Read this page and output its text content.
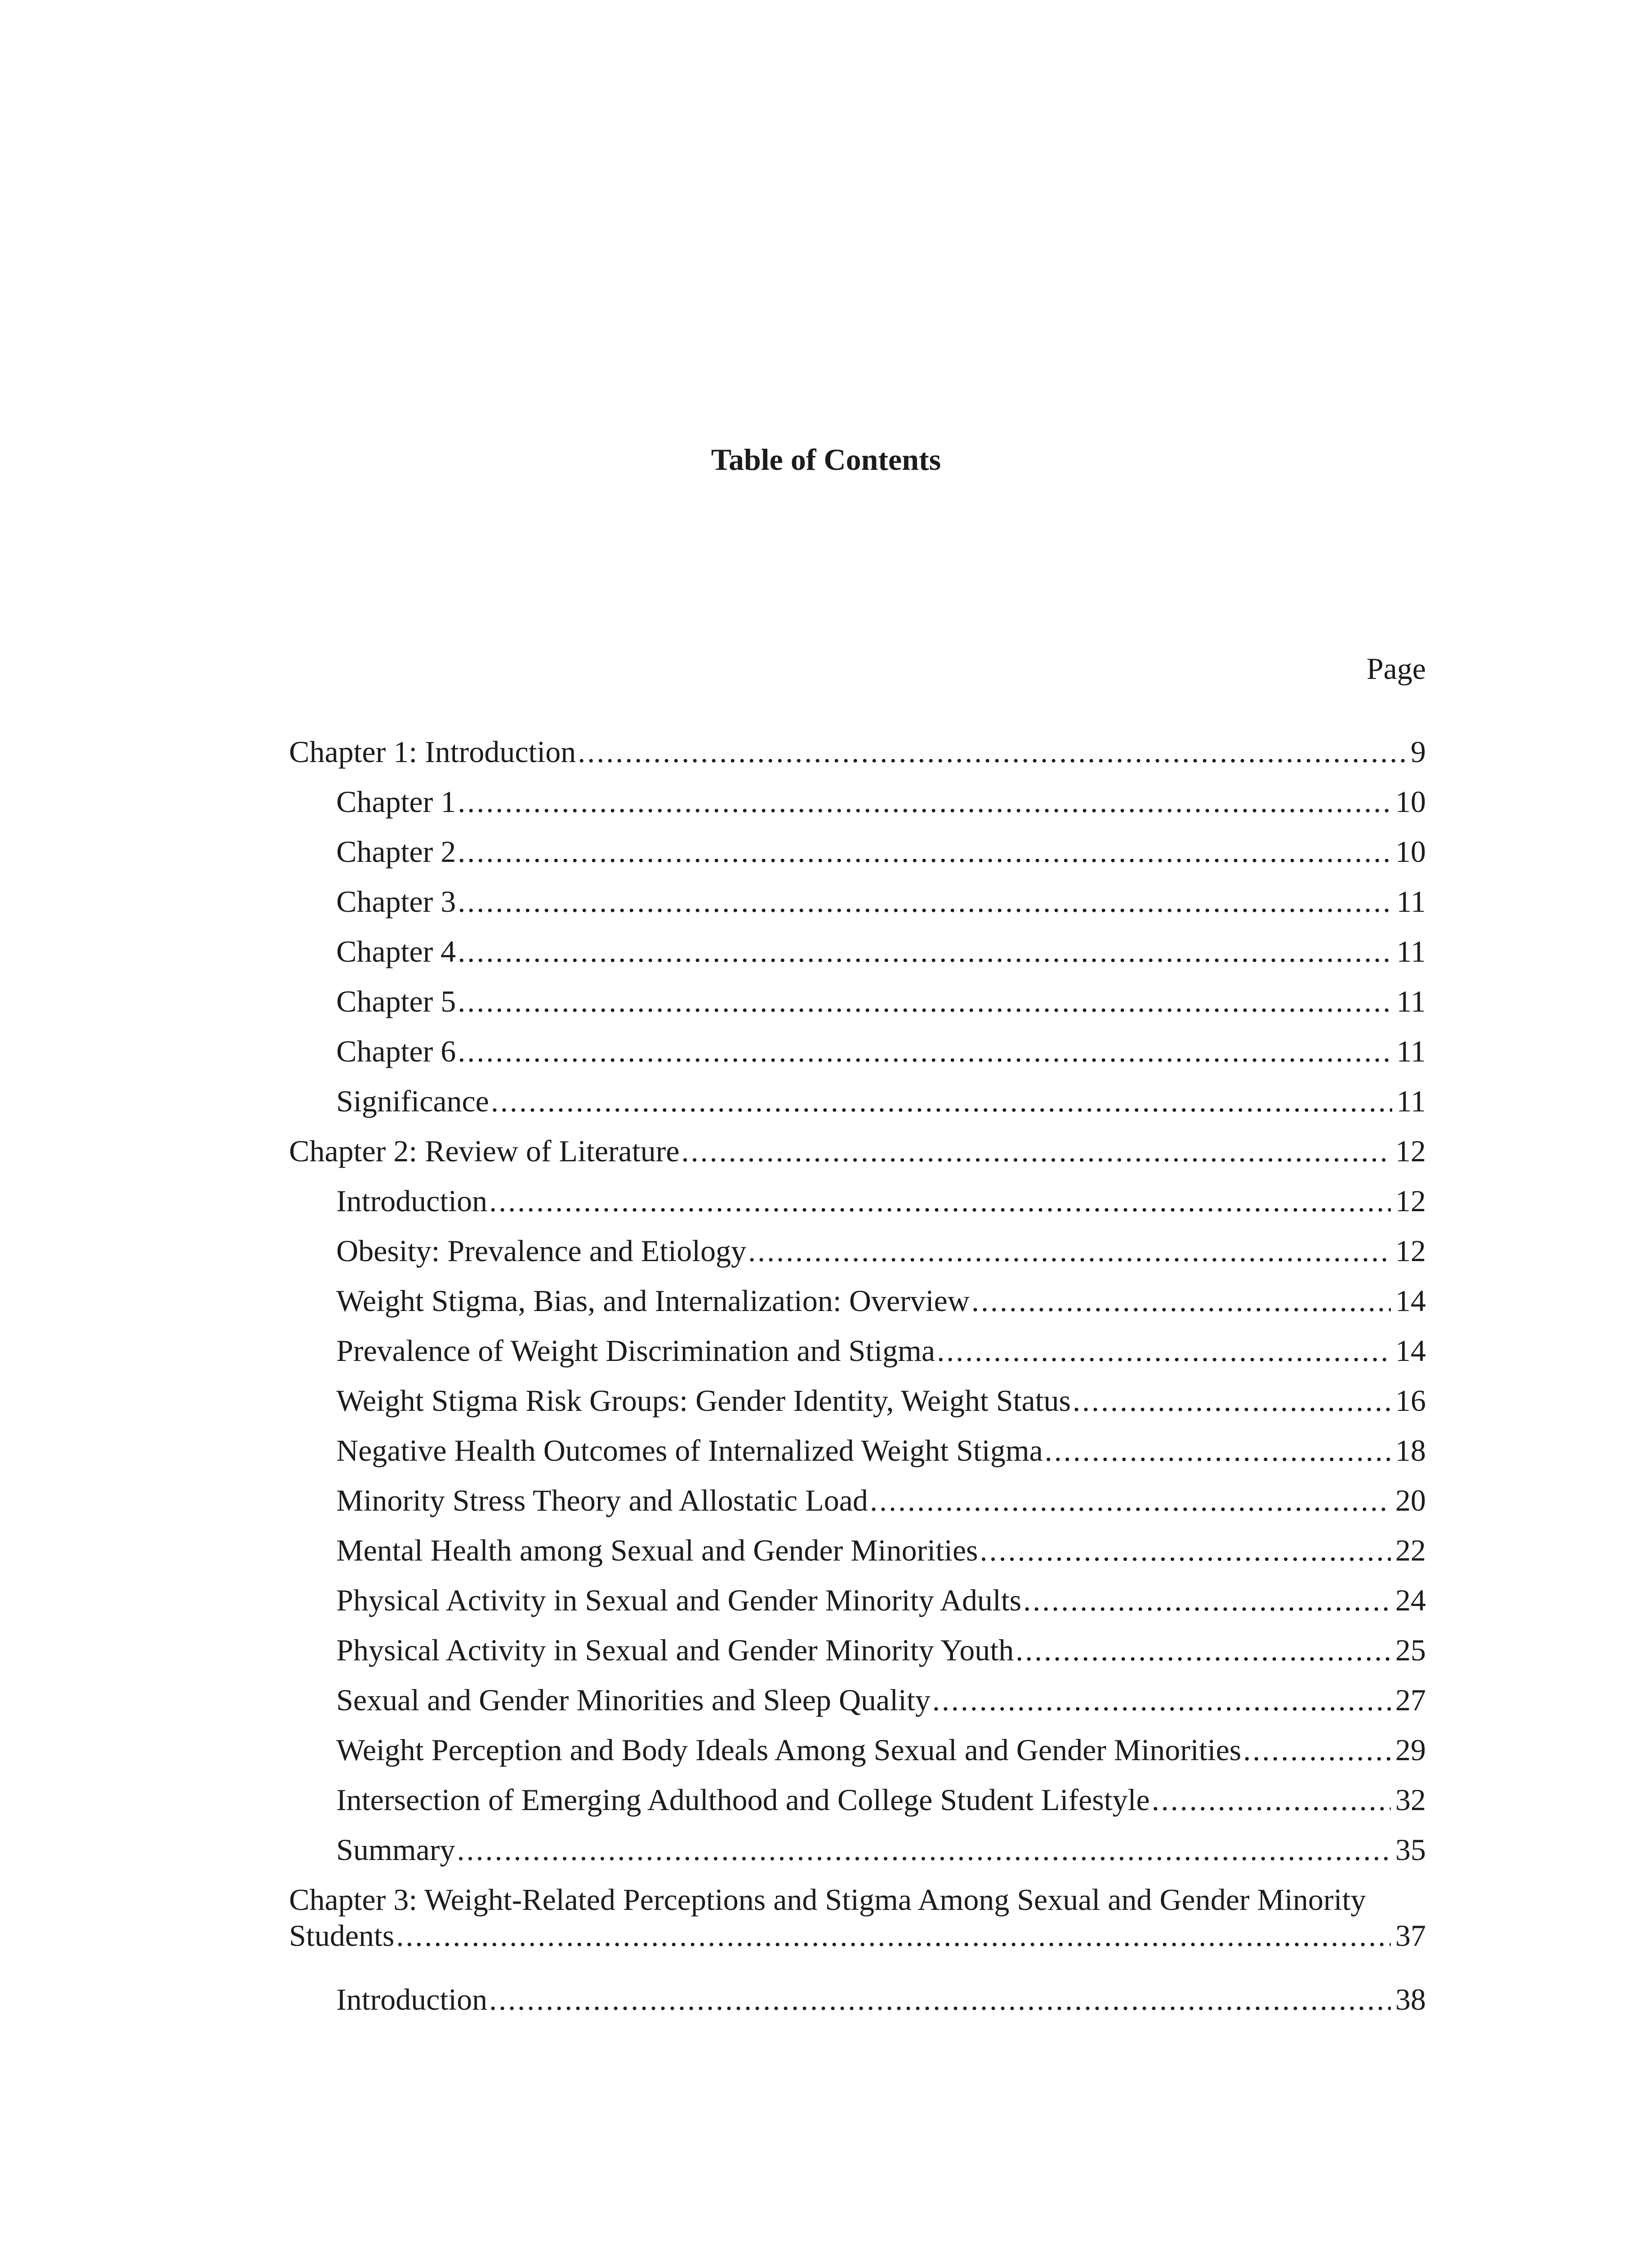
Table of Contents
Page
Chapter 1: Introduction .....	9
Chapter 1 .....	10
Chapter 2 .....	10
Chapter 3 .....	11
Chapter 4 .....	11
Chapter 5 .....	11
Chapter 6 .....	11
Significance .....	11
Chapter 2: Review of Literature .....	12
Introduction .....	12
Obesity: Prevalence and Etiology .....	12
Weight Stigma, Bias, and Internalization: Overview .....	14
Prevalence of Weight Discrimination and Stigma .....	14
Weight Stigma Risk Groups: Gender Identity, Weight Status .....	16
Negative Health Outcomes of Internalized Weight Stigma .....	18
Minority Stress Theory and Allostatic Load .....	20
Mental Health among Sexual and Gender Minorities .....	22
Physical Activity in Sexual and Gender Minority Adults .....	24
Physical Activity in Sexual and Gender Minority Youth .....	25
Sexual and Gender Minorities and Sleep Quality .....	27
Weight Perception and Body Ideals Among Sexual and Gender Minorities .....	29
Intersection of Emerging Adulthood and College Student Lifestyle .....	32
Summary .....	35
Chapter 3: Weight-Related Perceptions and Stigma Among Sexual and Gender Minority
Students .....	37
Introduction .....	38
